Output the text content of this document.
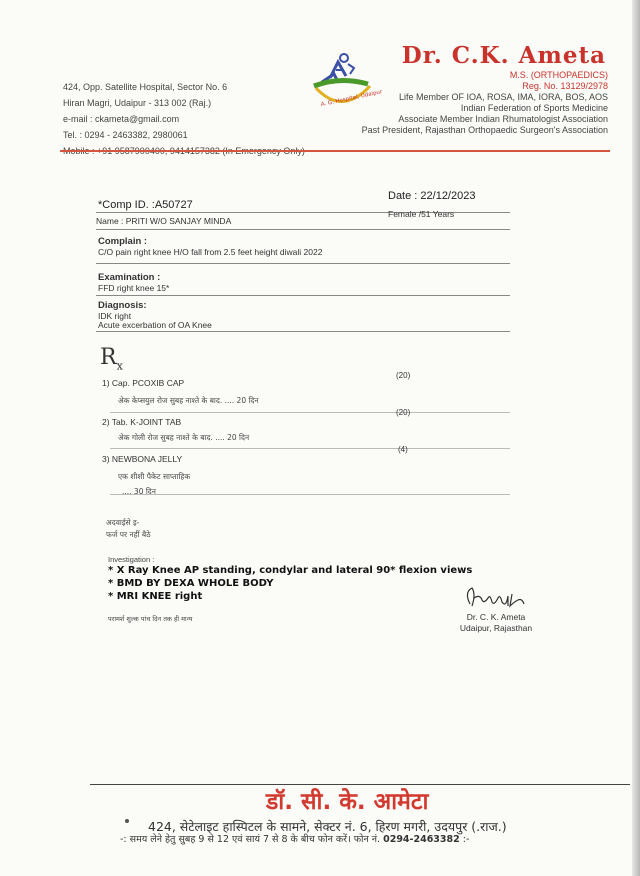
424, Opp. Satellite Hospital, Sector No. 6
Hiran Magri, Udaipur - 313 002 (Raj.)
e-mail : ckameta@gmail.com
Tel. : 0294 - 2463382, 2980061
Mobile : +91 9587900400, 9414157382 (In Emergency Only)
A. G. Hospital, Udaipur
Dr. C.K. Ameta
M.S. (ORTHOPAEDICS)
Reg. No. 13129/2978
Life Member OF IOA, ROSA, IMA, IORA, BOS, AOS
Indian Federation of Sports Medicine
Associate Member Indian Rhumatologist Association
Past President, Rajasthan Orthopaedic Surgeon's Association
*Comp ID. :A50727
Date : 22/12/2023
Name : PRITI W/O SANJAY MINDA
Female /51 Years
Complain :
C/O pain right knee H/O fall from 2.5 feet height diwali 2022
Examination :
FFD right knee 15*
Diagnosis:
IDK right
Acute excerbation of OA Knee
$R_x$
1) Cap. PCOXIB CAP
(20)
अेक केप्सयुल रोज सुबह नाश्ते के बाद. .... 20 दिन
2) Tab. K-JOINT TAB
(20)
अेक गोली रोज सुबह नाश्ते के बाद. .... 20 दिन
3) NEWBONA JELLY
(4)
एक शीशी पैकेट साप्ताहिक
.... 30 दिन
अदवाईसे इ-
फर्ज पर नहीं बैठे
Investigation :
* X Ray Knee AP standing, condylar and lateral 90* flexion views
* BMD BY DEXA WHOLE BODY
* MRI KNEE right
परामर्श शुल्क पांच दिन तक ही मान्य	Dr. C. K. Ameta
Udaipur, Rajasthan
डॉ. सी. के. आमेटा
424, सेटेलाइट हास्पिटल के सामने, सेक्टर नं. 6, हिरण मगरी, उदयपुर (.राज.)
-: समय लेने हेतु सुबह 9 से 12 एवं सायं 7 से 8 के बीच फोन करें। फोन नं. 0294-2463382 :-
